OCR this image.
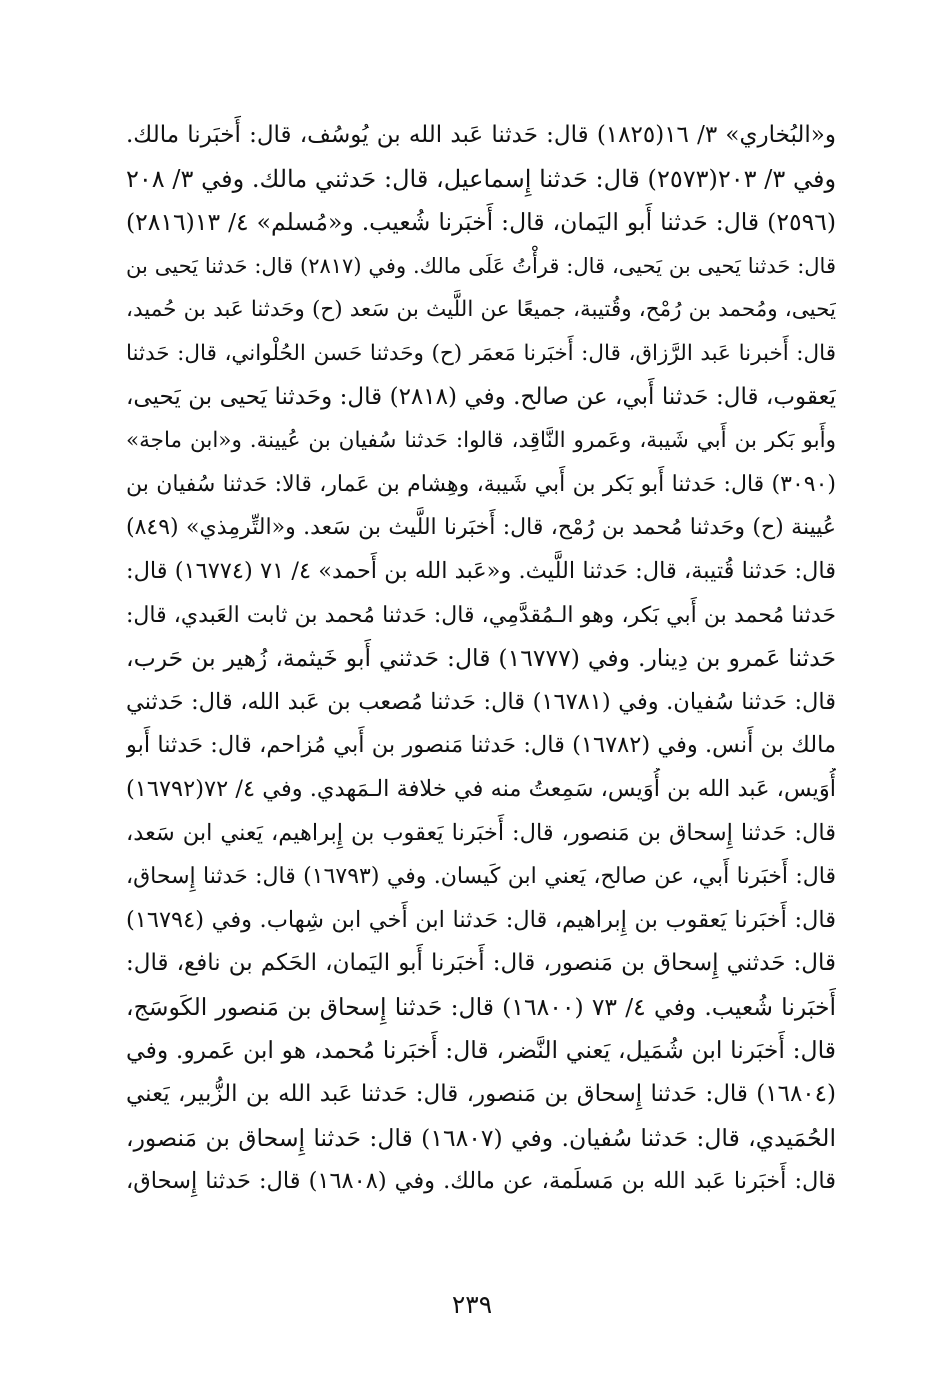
و«البُخاري» ٣/ ١٦(١٨٢٥) قال: حَدثنا عَبد الله بن يُوسُف، قال: أَخبَرنا مالك.
وفي ٣/ ٢٠٣(٢٥٧٣) قال: حَدثنا إِسماعيل، قال: حَدثني مالك. وفي ٣/ ٢٠٨
(٢٥٩٦) قال: حَدثنا أَبو اليَمان، قال: أَخبَرنا شُعيب. و«مُسلم» ٤/ ١٣(٢٨١٦)
قال: حَدثنا يَحيى بن يَحيى، قال: قرأْتُ عَلَى مالك. وفي (٢٨١٧) قال: حَدثنا يَحيى بن
يَحيى، ومُحمد بن رُمْح، وقُتيبة، جميعًا عن اللَّيث بن سَعد (ح) وحَدثنا عَبد بن حُميد،
قال: أَخبرنا عَبد الرَّزاق، قال: أَخبَرنا مَعمَر (ح) وحَدثنا حَسن الحُلْواني، قال: حَدثنا
يَعقوب، قال: حَدثنا أَبي، عن صالح. وفي (٢٨١٨) قال: وحَدثنا يَحيى بن يَحيى،
وأَبو بَكر بن أَبي شَيبة، وعَمرو النَّاقِد، قالوا: حَدثنا سُفيان بن عُيينة. و«ابن ماجة»
(٣٠٩٠) قال: حَدثنا أَبو بَكر بن أَبي شَيبة، وهِشام بن عَمار، قالا: حَدثنا سُفيان بن
عُيينة (ح) وحَدثنا مُحمد بن رُمْح، قال: أَخبَرنا اللَّيث بن سَعد. و«التِّرمِذي» (٨٤٩)
قال: حَدثنا قُتيبة، قال: حَدثنا اللَّيث. و«عَبد الله بن أَحمد» ٤/ ٧١ (١٦٧٧٤) قال:
حَدثنا مُحمد بن أَبي بَكر، وهو الـمُقدَّمِي، قال: حَدثنا مُحمد بن ثابت العَبدي، قال:
حَدثنا عَمرو بن دِينار. وفي (١٦٧٧٧) قال: حَدثني أَبو خَيثمة، زُهير بن حَرب،
قال: حَدثنا سُفيان. وفي (١٦٧٨١) قال: حَدثنا مُصعب بن عَبد الله، قال: حَدثني
مالك بن أَنس. وفي (١٦٧٨٢) قال: حَدثنا مَنصور بن أَبي مُزاحم، قال: حَدثنا أَبو
أُوَيس، عَبد الله بن أُوَيس، سَمِعتُ منه في خلافة الـمَهدي. وفي ٤/ ٧٢(١٦٧٩٢)
قال: حَدثنا إِسحاق بن مَنصور، قال: أَخبَرنا يَعقوب بن إِبراهيم، يَعني ابن سَعد،
قال: أَخبَرنا أَبي، عن صالح، يَعني ابن كَيسان. وفي (١٦٧٩٣) قال: حَدثنا إِسحاق،
قال: أَخبَرنا يَعقوب بن إِبراهيم، قال: حَدثنا ابن أَخي ابن شِهاب. وفي (١٦٧٩٤)
قال: حَدثني إِسحاق بن مَنصور، قال: أَخبَرنا أَبو اليَمان، الحَكم بن نافع، قال:
أَخبَرنا شُعيب. وفي ٤/ ٧٣ (١٦٨٠٠) قال: حَدثنا إِسحاق بن مَنصور الكَوسَج،
قال: أَخبَرنا ابن شُمَيل، يَعني النَّضر، قال: أَخبَرنا مُحمد، هو ابن عَمرو. وفي
(١٦٨٠٤) قال: حَدثنا إِسحاق بن مَنصور، قال: حَدثنا عَبد الله بن الزُّبير، يَعني
الحُمَيدي، قال: حَدثنا سُفيان. وفي (١٦٨٠٧) قال: حَدثنا إِسحاق بن مَنصور،
قال: أَخبَرنا عَبد الله بن مَسلَمة، عن مالك. وفي (١٦٨٠٨) قال: حَدثنا إِسحاق،
٢٣٩
